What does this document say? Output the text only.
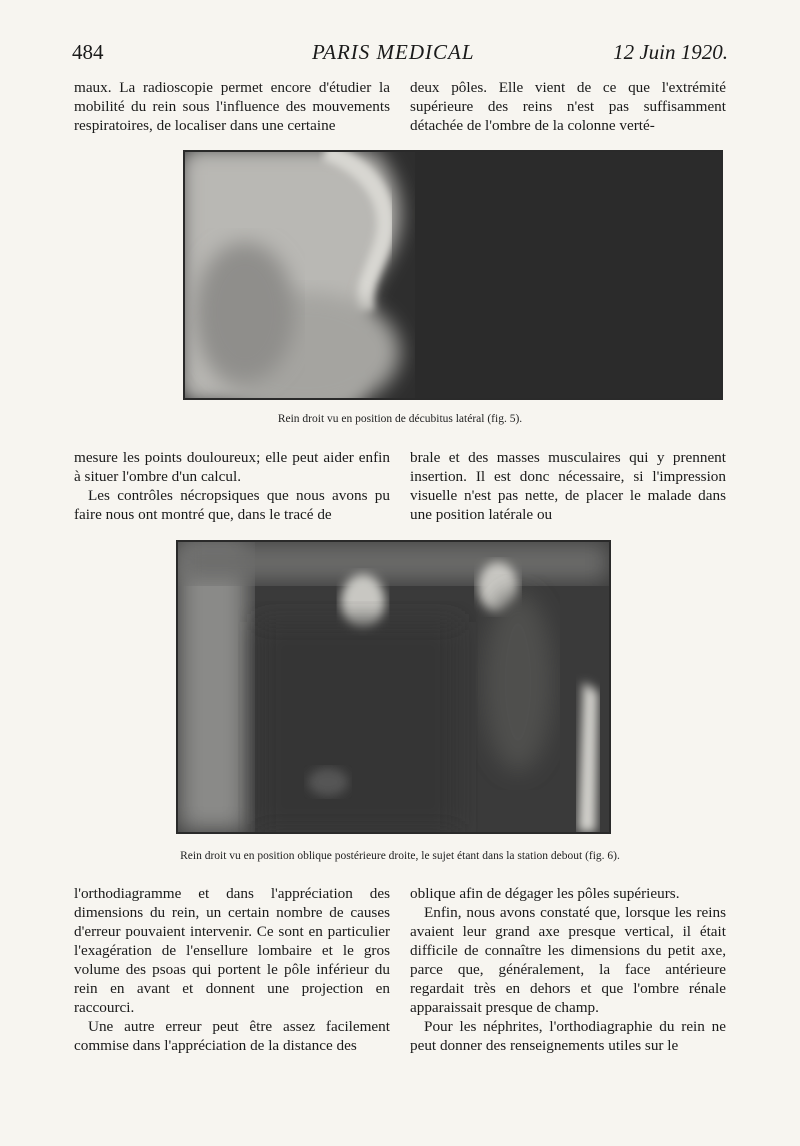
484	PARIS MEDICAL	12 Juin 1920.

maux. La radioscopie permet encore d'étudier la mobilité du rein sous l'influence des mouvements respiratoires, de localiser dans une certaine

deux pôles. Elle vient de ce que l'extrémité supérieure des reins n'est pas suffisamment détachée de l'ombre de la colonne verté-

Rein droit vu en position de décubitus latéral (fig. 5).

mesure les points douloureux; elle peut aider enfin à situer l'ombre d'un calcul.

Les contrôles nécropsiques que nous avons pu faire nous ont montré que, dans le tracé de

brale et des masses musculaires qui y prennent insertion. Il est donc nécessaire, si l'impression visuelle n'est pas nette, de placer le malade dans une position latérale ou

Rein droit vu en position oblique postérieure droite, le sujet étant dans la station debout (fig. 6).

l'orthodiagramme et dans l'appréciation des dimensions du rein, un certain nombre de causes d'erreur pouvaient intervenir. Ce sont en particulier l'exagération de l'ensellure lombaire et le gros volume des psoas qui portent le pôle inférieur du rein en avant et donnent une projection en raccourci.

Une autre erreur peut être assez facilement commise dans l'appréciation de la distance des

oblique afin de dégager les pôles supérieurs.

Enfin, nous avons constaté que, lorsque les reins avaient leur grand axe presque vertical, il était difficile de connaître les dimensions du petit axe, parce que, généralement, la face antérieure regardait très en dehors et que l'ombre rénale apparaissait presque de champ.

Pour les néphrites, l'orthodiagraphie du rein ne peut donner des renseignements utiles sur le
